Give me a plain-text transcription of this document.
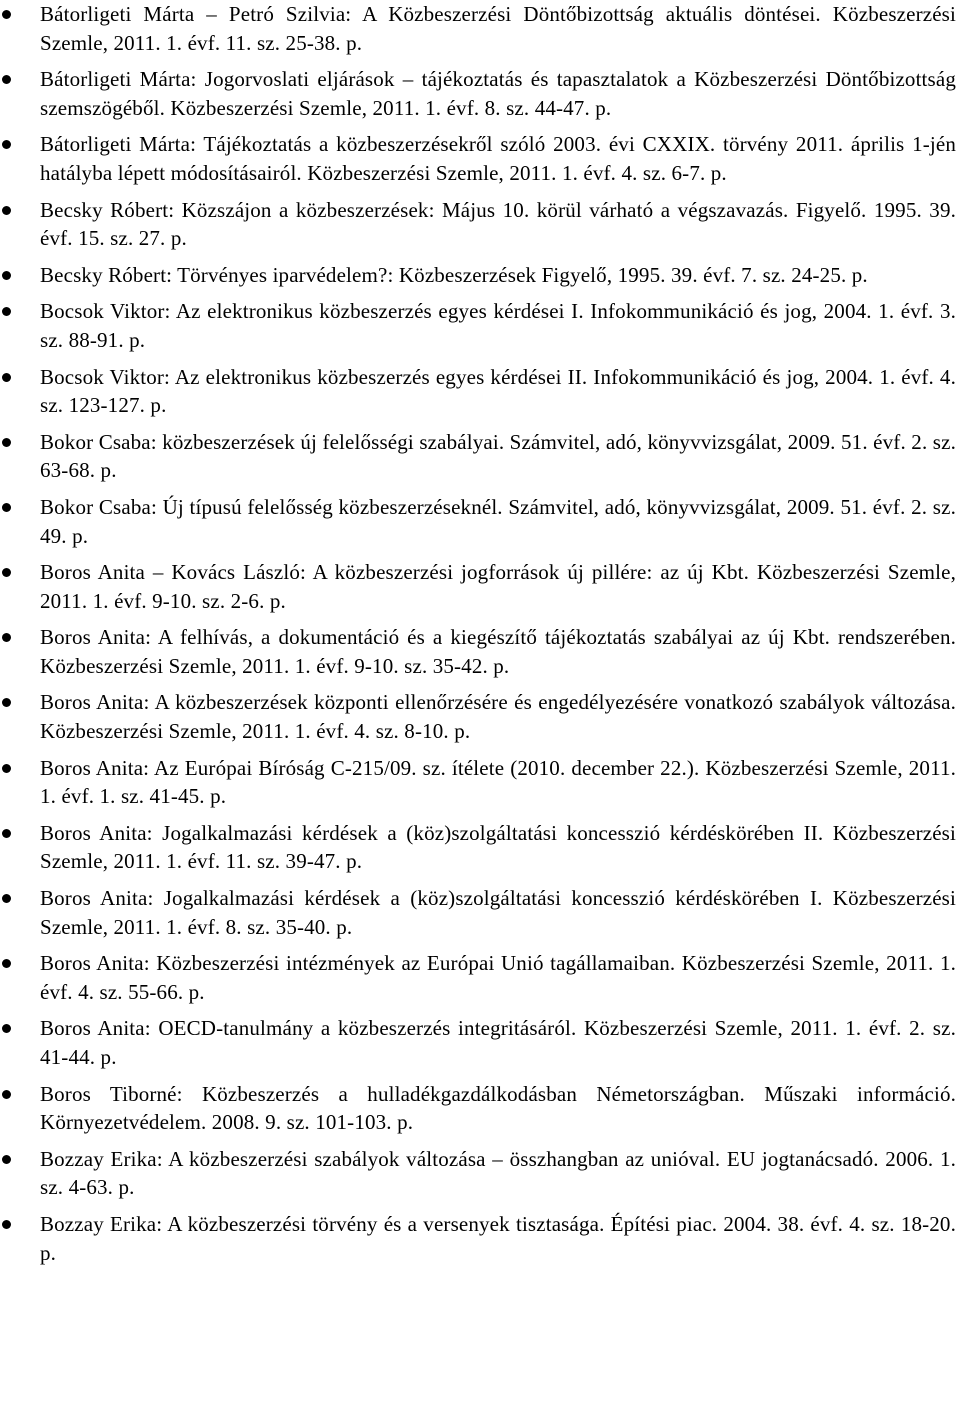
Bátorligeti Márta – Petró Szilvia: A Közbeszerzési Döntőbizottság aktuális döntései. Közbeszerzési Szemle, 2011. 1. évf. 11. sz. 25-38. p.
Bátorligeti Márta: Jogorvoslati eljárások – tájékoztatás és tapasztalatok a Közbeszerzési Döntőbizottság szemszögéből. Közbeszerzési Szemle, 2011. 1. évf. 8. sz. 44-47. p.
Bátorligeti Márta: Tájékoztatás a közbeszerzésekről szóló 2003. évi CXXIX. törvény 2011. április 1-jén hatályba lépett módosításairól. Közbeszerzési Szemle, 2011. 1. évf. 4. sz. 6-7. p.
Becsky Róbert: Közszájon a közbeszerzések: Május 10. körül várható a végszavazás. Figyelő. 1995. 39. évf. 15. sz. 27. p.
Becsky Róbert: Törvényes iparvédelem?: Közbeszerzések Figyelő, 1995. 39. évf. 7. sz. 24-25. p.
Bocsok Viktor: Az elektronikus közbeszerzés egyes kérdései I. Infokommunikáció és jog, 2004. 1. évf. 3. sz. 88-91. p.
Bocsok Viktor: Az elektronikus közbeszerzés egyes kérdései II. Infokommunikáció és jog, 2004. 1. évf. 4. sz. 123-127. p.
Bokor Csaba: közbeszerzések új felelősségi szabályai. Számvitel, adó, könyvvizsgálat, 2009. 51. évf. 2. sz. 63-68. p.
Bokor Csaba: Új típusú felelősség közbeszerzéseknél. Számvitel, adó, könyvvizsgálat, 2009. 51. évf. 2. sz. 49. p.
Boros Anita – Kovács László: A közbeszerzési jogforrások új pillére: az új Kbt. Közbeszerzési Szemle, 2011. 1. évf. 9-10. sz. 2-6. p.
Boros Anita: A felhívás, a dokumentáció és a kiegészítő tájékoztatás szabályai az új Kbt. rendszerében. Közbeszerzési Szemle, 2011. 1. évf. 9-10. sz. 35-42. p.
Boros Anita: A közbeszerzések központi ellenőrzésére és engedélyezésére vonatkozó szabályok változása. Közbeszerzési Szemle, 2011. 1. évf. 4. sz. 8-10. p.
Boros Anita: Az Európai Bíróság C-215/09. sz. ítélete (2010. december 22.). Közbeszerzési Szemle, 2011. 1. évf. 1. sz. 41-45. p.
Boros Anita: Jogalkalmazási kérdések a (köz)szolgáltatási koncesszió kérdéskörében II. Közbeszerzési Szemle, 2011. 1. évf. 11. sz. 39-47. p.
Boros Anita: Jogalkalmazási kérdések a (köz)szolgáltatási koncesszió kérdéskörében I. Közbeszerzési Szemle, 2011. 1. évf. 8. sz. 35-40. p.
Boros Anita: Közbeszerzési intézmények az Európai Unió tagállamaiban. Közbeszerzési Szemle, 2011. 1. évf. 4. sz. 55-66. p.
Boros Anita: OECD-tanulmány a közbeszerzés integritásáról. Közbeszerzési Szemle, 2011. 1. évf. 2. sz. 41-44. p.
Boros Tiborné: Közbeszerzés a hulladékgazdálkodásban Németországban. Műszaki információ. Környezetvédelem. 2008. 9. sz. 101-103. p.
Bozzay Erika: A közbeszerzési szabályok változása – összhangban az unióval. EU jogtanácsadó. 2006. 1. sz. 4-63. p.
Bozzay Erika: A közbeszerzési törvény és a versenyek tisztasága. Építési piac. 2004. 38. évf. 4. sz. 18-20. p.
